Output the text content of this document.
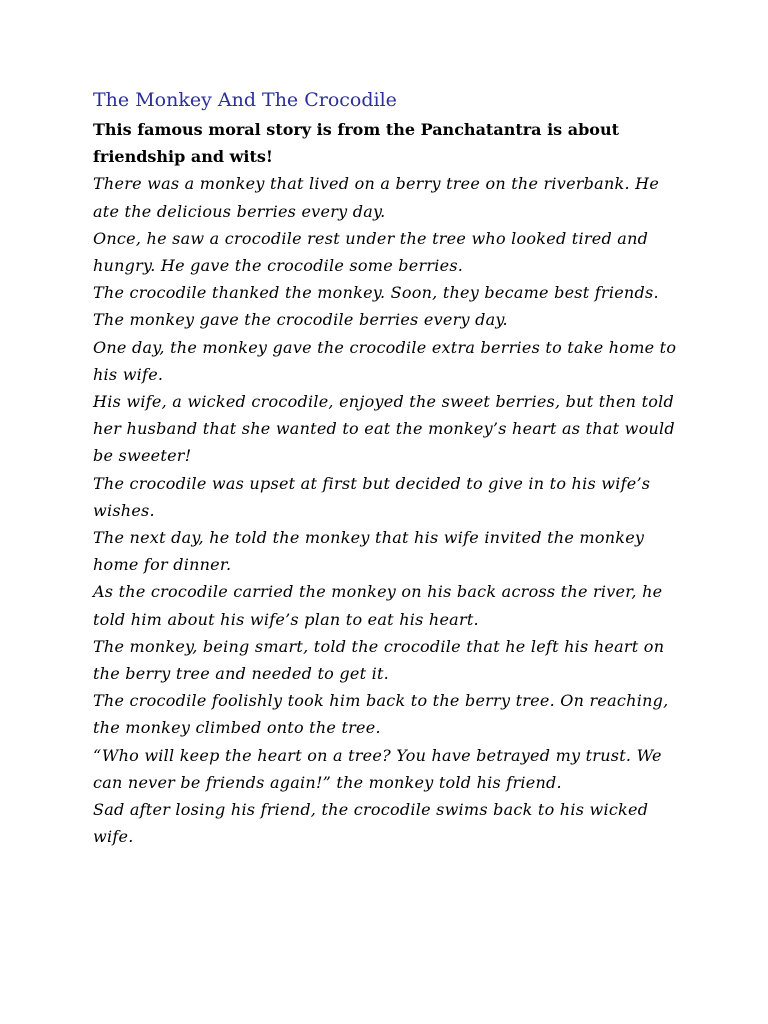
The Monkey And The Crocodile

This famous moral story is from the Panchatantra is about friendship and wits!

There was a monkey that lived on a berry tree on the riverbank. He ate the delicious berries every day.

Once, he saw a crocodile rest under the tree who looked tired and hungry. He gave the crocodile some berries.

The crocodile thanked the monkey. Soon, they became best friends. The monkey gave the crocodile berries every day.

One day, the monkey gave the crocodile extra berries to take home to his wife.

His wife, a wicked crocodile, enjoyed the sweet berries, but then told her husband that she wanted to eat the monkey’s heart as that would be sweeter!

The crocodile was upset at first but decided to give in to his wife’s wishes.

The next day, he told the monkey that his wife invited the monkey home for dinner.

As the crocodile carried the monkey on his back across the river, he told him about his wife’s plan to eat his heart.

The monkey, being smart, told the crocodile that he left his heart on the berry tree and needed to get it.

The crocodile foolishly took him back to the berry tree. On reaching, the monkey climbed onto the tree.

“Who will keep the heart on a tree? You have betrayed my trust. We can never be friends again!” the monkey told his friend.

Sad after losing his friend, the crocodile swims back to his wicked wife.
